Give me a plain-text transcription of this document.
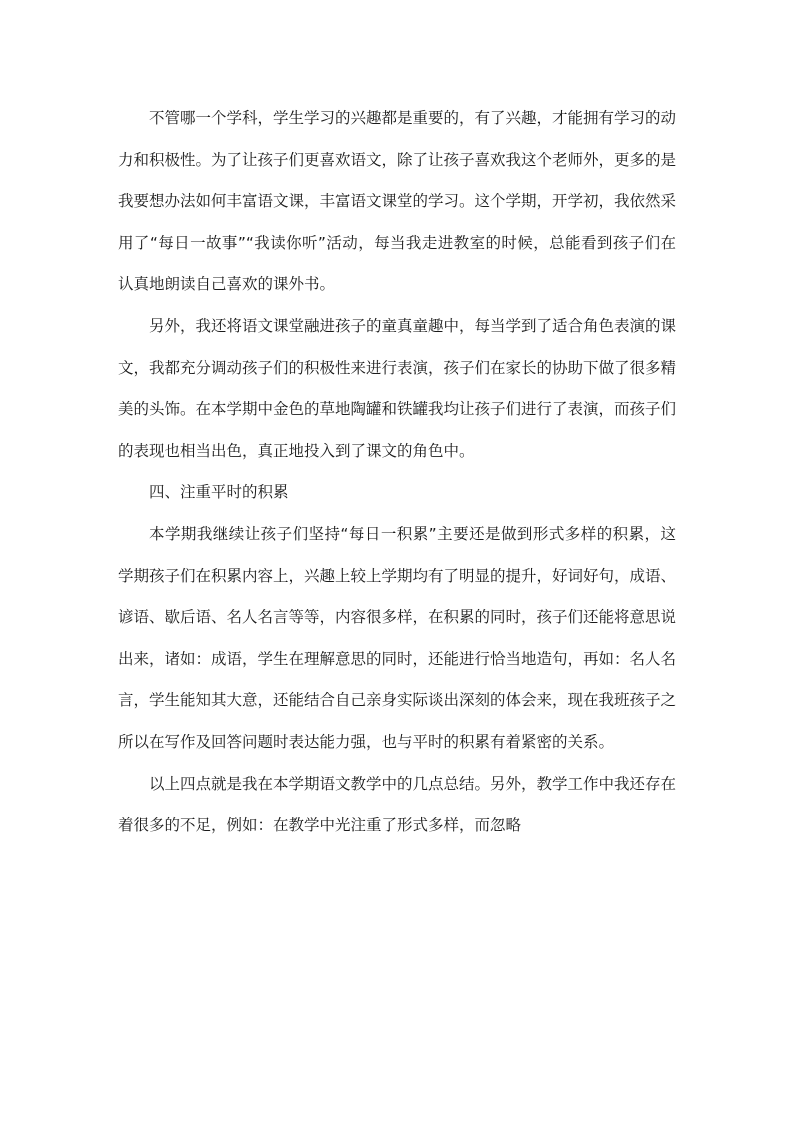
不管哪一个学科，学生学习的兴趣都是重要的，有了兴趣，才能拥有学习的动力和积极性。为了让孩子们更喜欢语文，除了让孩子喜欢我这个老师外，更多的是我要想办法如何丰富语文课，丰富语文课堂的学习。这个学期，开学初，我依然采用了“每日一故事”“我读你听”活动，每当我走进教室的时候，总能看到孩子们在认真地朗读自己喜欢的课外书。

另外，我还将语文课堂融进孩子的童真童趣中，每当学到了适合角色表演的课文，我都充分调动孩子们的积极性来进行表演，孩子们在家长的协助下做了很多精美的头饰。在本学期中金色的草地陶罐和铁罐我均让孩子们进行了表演，而孩子们的表现也相当出色，真正地投入到了课文的角色中。

四、注重平时的积累

本学期我继续让孩子们坚持“每日一积累”主要还是做到形式多样的积累，这学期孩子们在积累内容上，兴趣上较上学期均有了明显的提升，好词好句，成语、谚语、歇后语、名人名言等等，内容很多样，在积累的同时，孩子们还能将意思说出来，诸如：成语，学生在理解意思的同时，还能进行恰当地造句，再如：名人名言，学生能知其大意，还能结合自己亲身实际谈出深刻的体会来，现在我班孩子之所以在写作及回答问题时表达能力强，也与平时的积累有着紧密的关系。

以上四点就是我在本学期语文教学中的几点总结。另外，教学工作中我还存在着很多的不足，例如：在教学中光注重了形式多样，而忽略
